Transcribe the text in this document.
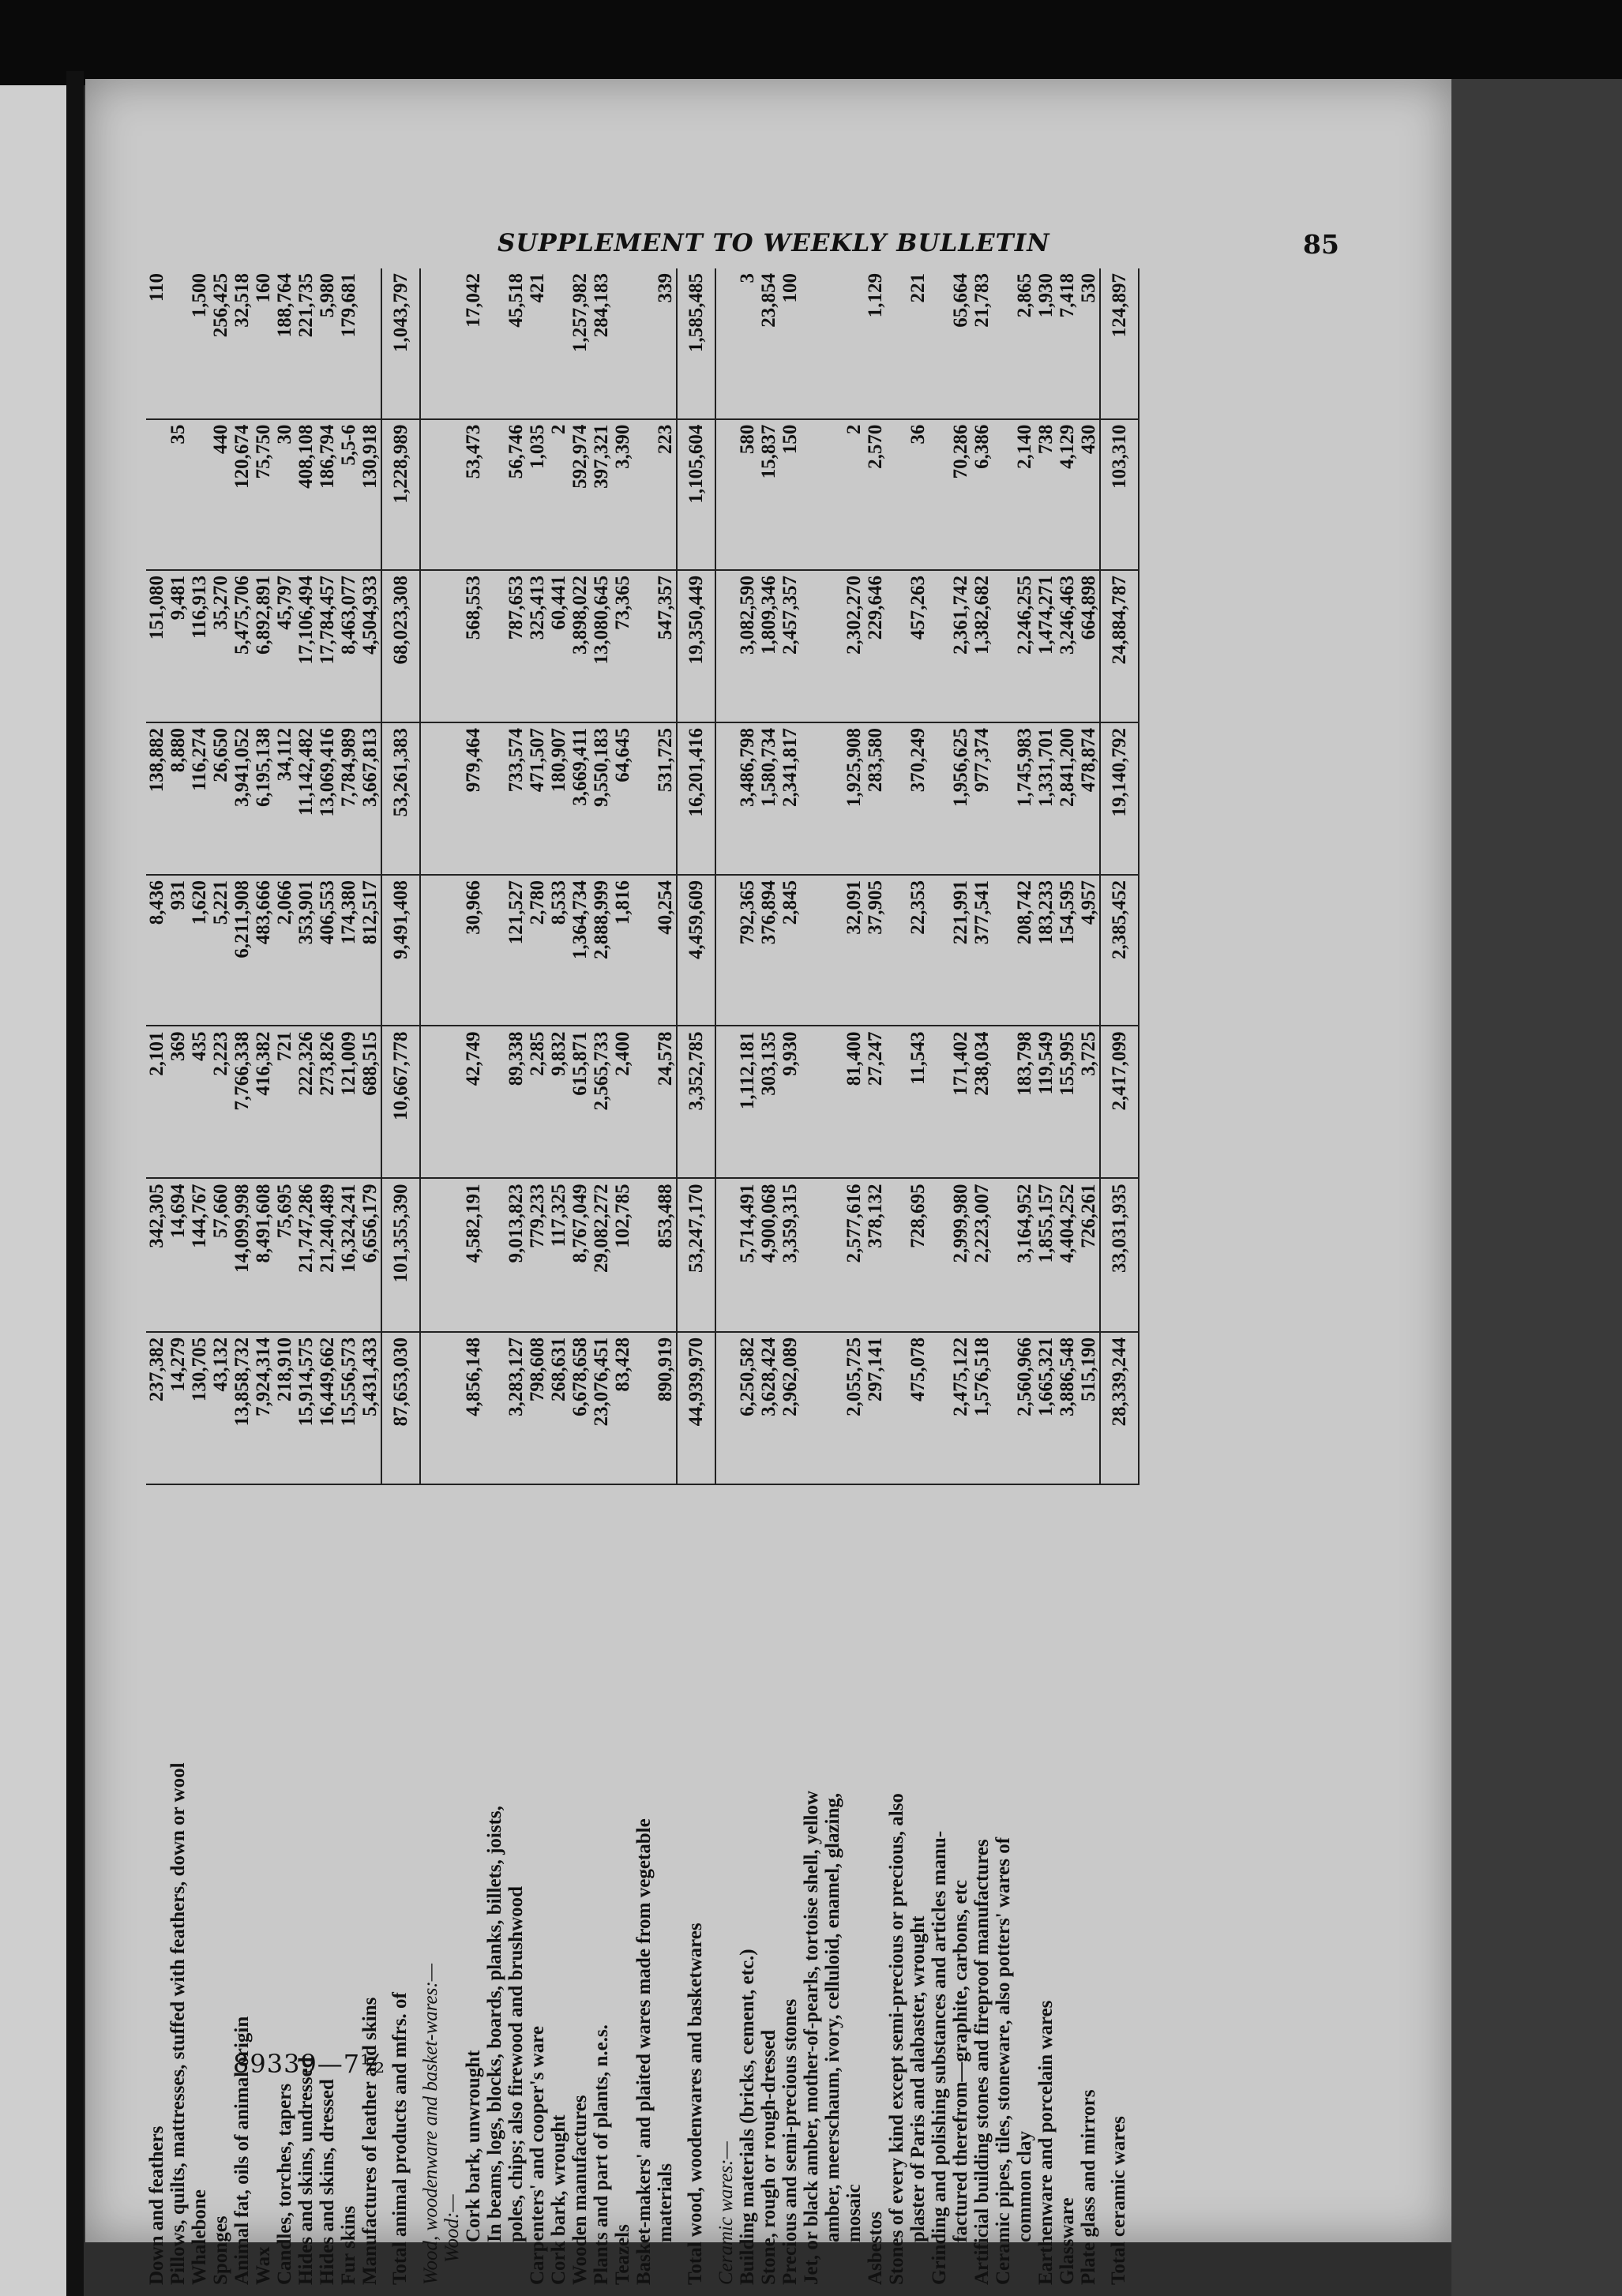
SUPPLEMENT TO WEEKLY BULLETIN	85
89339—7½
Down and feathers	237,382	342,305	2,101	8,436	138,882	151,080		110
Pillows, quilts, mattresses, stuffed with feathers, down or wool	14,279	14,694	369	931	8,880	9,481	35	
Whalebone	130,705	144,767	435	1,620	116,274	116,913		1,500
Sponges	43,132	57,660	2,223	5,221	26,650	35,270	440	256,425
Animal fat, oils of animal origin	13,858,732	14,099,998	7,766,338	6,211,908	3,941,052	5,475,706	120,674	32,518
Wax	7,924,314	8,491,608	416,382	483,666	6,195,138	6,892,891	75,750	160
Candles, torches, tapers	218,910	75,695	721	2,066	34,112	45,797	30	188,764
Hides and skins, undressed	15,914,575	21,747,286	222,326	353,901	11,142,482	17,106,494	408,108	221,735
Hides and skins, dressed	16,449,662	21,240,489	273,826	406,553	13,069,416	17,784,457	186,794	5,980
Fur skins	15,556,573	16,324,241	121,009	174,380	7,784,989	8,463,077	5,5-6	179,681
Manufactures of leather and skins	5,431,433	6,656,179	688,515	812,517	3,667,813	4,504,933	130,918	
Total animal products and mfrs. of	87,653,030	101,355,390	10,667,778	9,491,408	53,261,383	68,023,308	1,228,989	1,043,797
Wood, woodenware and basket-wares:—								
Wood:—								
Cork bark, unwrought	4,856,148	4,582,191	42,749	30,966	979,464	568,553	53,473	17,042
In beams, logs, blocks, boards, planks, billets, joists,								
poles, chips; also firewood and brushwood	3,283,127	9,013,823	89,338	121,527	733,574	787,653	56,746	45,518
Carpenters' and cooper's ware	798,608	779,233	2,285	2,780	471,507	325,413	1,035	421
Cork bark, wrought	268,631	117,325	9,832	8,533	180,907	60,441	2	
Wooden manufactures	6,678,658	8,767,049	615,871	1,364,734	3,669,411	3,898,022	592,974	1,257,982
Plants and part of plants, n.e.s.	23,076,451	29,082,272	2,565,733	2,888,999	9,550,183	13,080,645	397,321	284,183
Teazels	83,428	102,785	2,400	1,816	64,645	73,365	3,390	
Basket-makers' and plaited wares made from vegetable								
materials	890,919	853,488	24,578	40,254	531,725	547,357	223	339
Total wood, woodenwares and basketwares	44,939,970	53,247,170	3,352,785	4,459,609	16,201,416	19,350,449	1,105,604	1,585,485
Ceramic wares:—								
Building materials (bricks, cement, etc.)	6,250,582	5,714,491	1,112,181	792,365	3,486,798	3,082,590	580	3
Stone, rough or rough-dressed	3,628,424	4,900,068	303,135	376,894	1,580,734	1,809,346	15,837	23,854
Precious and semi-precious stones	2,962,089	3,359,315	9,930	2,845	2,341,817	2,457,357	150	100
Jet, or black amber, mother-of-pearls, tortoise shell, yellow								
amber, meerschaum, ivory, celluloid, enamel, glazing,								
mosaic	2,055,725	2,577,616	81,400	32,091	1,925,908	2,302,270	2	
Asbestos	297,141	378,132	27,247	37,905	283,580	229,646	2,570	1,129
Stones of every kind except semi-precious or precious, also								
plaster of Paris and alabaster, wrought	475,078	728,695	11,543	22,353	370,249	457,263	36	221
Grinding and polishing substances and articles manu-								
factured therefrom—graphite, carbons, etc	2,475,122	2,999,980	171,402	221,991	1,956,625	2,361,742	70,286	65,664
Artificial building stones and fireproof manufactures	1,576,518	2,223,007	238,034	377,541	977,374	1,382,682	6,386	21,783
Ceramic pipes, tiles, stoneware, also potters' wares of								
common clay	2,560,966	3,164,952	183,798	208,742	1,745,983	2,246,255	2,140	2,865
Earthenware and porcelain wares	1,665,321	1,855,157	119,549	183,233	1,331,701	1,474,271	738	1,930
Glassware	3,886,548	4,404,252	155,995	154,595	2,841,200	3,246,463	4,129	7,418
Plate glass and mirrors	515,190	726,261	3,725	4,957	478,874	664,898	430	530
Total ceramic wares	28,339,244	33,031,935	2,417,099	2,385,452	19,140,792	24,884,787	103,310	124,897
